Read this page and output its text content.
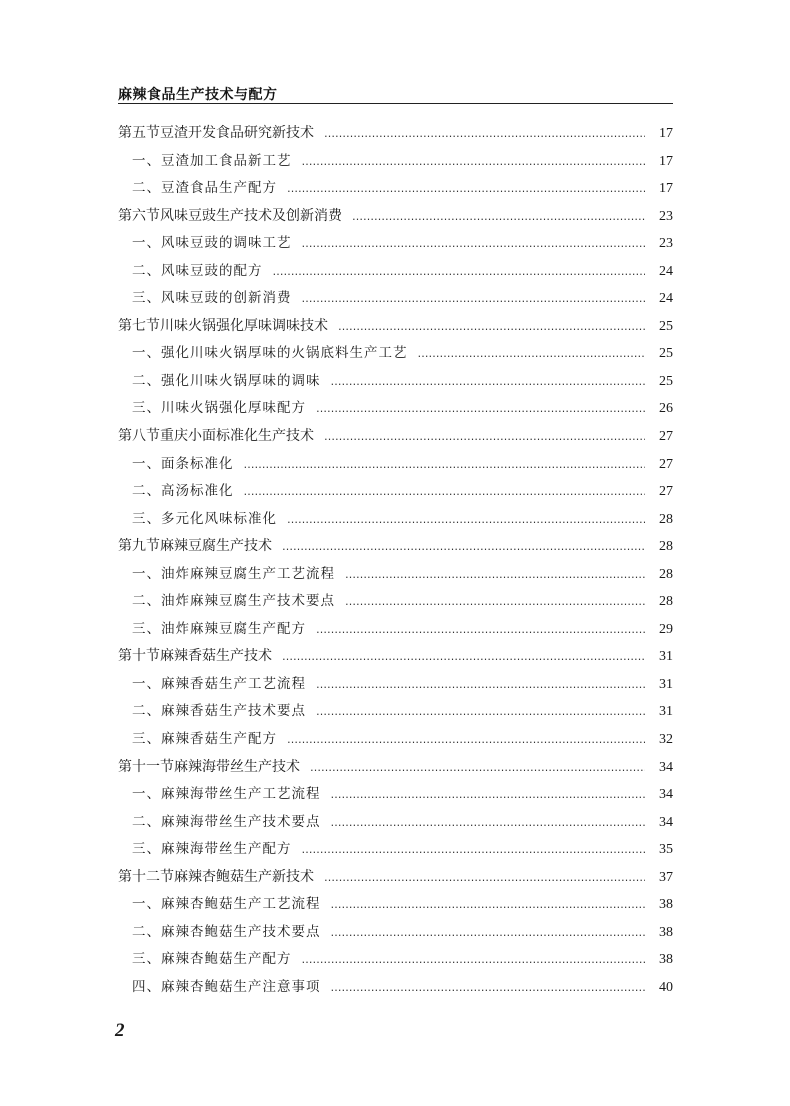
麻辣食品生产技术与配方
第五节 豆渣开发食品研究新技术 ……………………………………………………………………………………………………………………………………………………………………………………	17
一、豆渣加工食品新工艺 ……………………………………………………………………………………………………………………………………………………………………………………	17
二、豆渣食品生产配方 ……………………………………………………………………………………………………………………………………………………………………………………	17
第六节 风味豆豉生产技术及创新消费 ……………………………………………………………………………………………………………………………………………………………………………………	23
一、风味豆豉的调味工艺 ……………………………………………………………………………………………………………………………………………………………………………………	23
二、风味豆豉的配方 ……………………………………………………………………………………………………………………………………………………………………………………	24
三、风味豆豉的创新消费 ……………………………………………………………………………………………………………………………………………………………………………………	24
第七节 川味火锅强化厚味调味技术 ……………………………………………………………………………………………………………………………………………………………………………………	25
一、强化川味火锅厚味的火锅底料生产工艺 ……………………………………………………………………………………………………………………………………………………………………………………	25
二、强化川味火锅厚味的调味 ……………………………………………………………………………………………………………………………………………………………………………………	25
三、川味火锅强化厚味配方 ……………………………………………………………………………………………………………………………………………………………………………………	26
第八节 重庆小面标准化生产技术 ……………………………………………………………………………………………………………………………………………………………………………………	27
一、面条标准化 ……………………………………………………………………………………………………………………………………………………………………………………	27
二、高汤标准化 ……………………………………………………………………………………………………………………………………………………………………………………	27
三、多元化风味标准化 ……………………………………………………………………………………………………………………………………………………………………………………	28
第九节 麻辣豆腐生产技术 ……………………………………………………………………………………………………………………………………………………………………………………	28
一、油炸麻辣豆腐生产工艺流程 ……………………………………………………………………………………………………………………………………………………………………………………	28
二、油炸麻辣豆腐生产技术要点 ……………………………………………………………………………………………………………………………………………………………………………………	28
三、油炸麻辣豆腐生产配方 ……………………………………………………………………………………………………………………………………………………………………………………	29
第十节 麻辣香菇生产技术 ……………………………………………………………………………………………………………………………………………………………………………………	31
一、麻辣香菇生产工艺流程 ……………………………………………………………………………………………………………………………………………………………………………………	31
二、麻辣香菇生产技术要点 ……………………………………………………………………………………………………………………………………………………………………………………	31
三、麻辣香菇生产配方 ……………………………………………………………………………………………………………………………………………………………………………………	32
第十一节 麻辣海带丝生产技术 ……………………………………………………………………………………………………………………………………………………………………………………	34
一、麻辣海带丝生产工艺流程 ……………………………………………………………………………………………………………………………………………………………………………………	34
二、麻辣海带丝生产技术要点 ……………………………………………………………………………………………………………………………………………………………………………………	34
三、麻辣海带丝生产配方 ……………………………………………………………………………………………………………………………………………………………………………………	35
第十二节 麻辣杏鲍菇生产新技术 ……………………………………………………………………………………………………………………………………………………………………………………	37
一、麻辣杏鲍菇生产工艺流程 ……………………………………………………………………………………………………………………………………………………………………………………	38
二、麻辣杏鲍菇生产技术要点 ……………………………………………………………………………………………………………………………………………………………………………………	38
三、麻辣杏鲍菇生产配方 ……………………………………………………………………………………………………………………………………………………………………………………	38
四、麻辣杏鲍菇生产注意事项 ……………………………………………………………………………………………………………………………………………………………………………………	40
2
